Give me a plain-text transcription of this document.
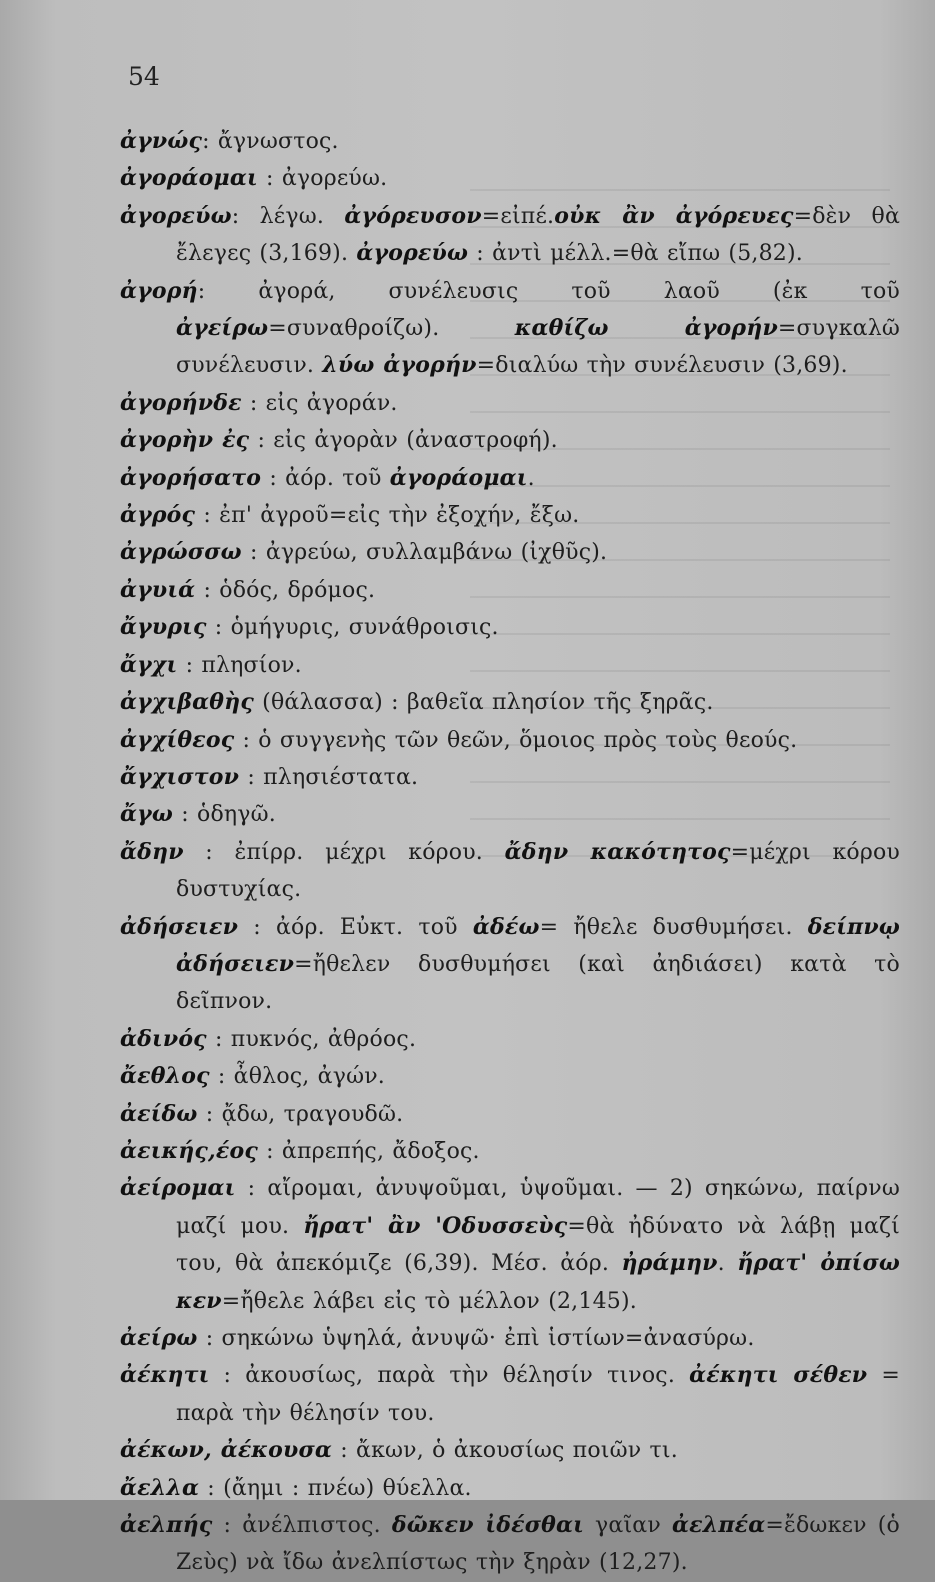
54
ἀγνώς: ἄγνωστος.
ἀγοράομαι : ἀγορεύω.
ἀγορεύω: λέγω. ἀγόρευσον=εἰπέ.οὐκ ἂν ἀγόρευες=δὲν θὰ ἔλεγες (3,169). ἀγορεύω : ἀντὶ μέλλ.=θὰ εἴπω (5,82).
ἀγορή: ἀγορά, συνέλευσις τοῦ λαοῦ (ἐκ τοῦ ἀγείρω=συναθροίζω). καθίζω ἀγορήν=συγκαλῶ συνέλευσιν. λύω ἀγορήν=διαλύω τὴν συνέλευσιν (3,69).
ἀγορήνδε : εἰς ἀγοράν.
ἀγορὴν ἐς : εἰς ἀγορὰν (ἀναστροφή).
ἀγορήσατο : ἀόρ. τοῦ ἀγοράομαι.
ἀγρός : ἐπ' ἀγροῦ=εἰς τὴν ἐξοχήν, ἔξω.
ἀγρώσσω : ἀγρεύω, συλλαμβάνω (ἰχθῦς).
ἀγυιά : ὁδός, δρόμος.
ἄγυρις : ὁμήγυρις, συνάθροισις.
ἄγχι : πλησίον.
ἀγχιβαθὴς (θάλασσα) : βαθεῖα πλησίον τῆς ξηρᾶς.
ἀγχίθεος : ὁ συγγενὴς τῶν θεῶν, ὅμοιος πρὸς τοὺς θεούς.
ἄγχιστον : πλησιέστατα.
ἄγω : ὁδηγῶ.
ἄδην : ἐπίρρ. μέχρι κόρου. ἄδην κακότητος=μέχρι κόρου δυστυχίας.
ἀδήσειεν : ἀόρ. Εὐκτ. τοῦ ἀδέω= ἤθελε δυσθυμήσει. δείπνῳ ἀδήσειεν=ἤθελεν δυσθυμήσει (καὶ ἀηδιάσει) κατὰ τὸ δεῖπνον.
ἀδινός : πυκνός, ἀθρόος.
ἄεθλος : ἆθλος, ἀγών.
ἀείδω : ᾄδω, τραγουδῶ.
ἀεικής,έος : ἀπρεπής, ἄδοξος.
ἀείρομαι : αἴρομαι, ἀνυψοῦμαι, ὑψοῦμαι. — 2) σηκώνω, παίρνω μαζί μου. ἤρατ' ἂν 'Οδυσσεὺς=θὰ ἠδύνατο νὰ λάβῃ μαζί του, θὰ ἀπεκόμιζε (6,39). Μέσ. ἀόρ. ἠράμην. ἤρατ' ὀπίσω κεν=ἤθελε λάβει εἰς τὸ μέλλον (2,145).
ἀείρω : σηκώνω ὑψηλά, ἀνυψῶ· ἐπὶ ἱστίων=ἀνασύρω.
ἀέκητι : ἀκουσίως, παρὰ τὴν θέλησίν τινος. ἀέκητι σέθεν = παρὰ τὴν θέλησίν του.
ἀέκων, ἀέκουσα : ἄκων, ὁ ἀκουσίως ποιῶν τι.
ἄελλα : (ἄημι : πνέω) θύελλα.
ἀελπής : ἀνέλπιστος. δῶκεν ἰδέσθαι γαῖαν ἀελπέα=ἔδωκεν (ὁ Ζεὺς) νὰ ἴδω ἀνελπίστως τὴν ξηρὰν (12,27).
